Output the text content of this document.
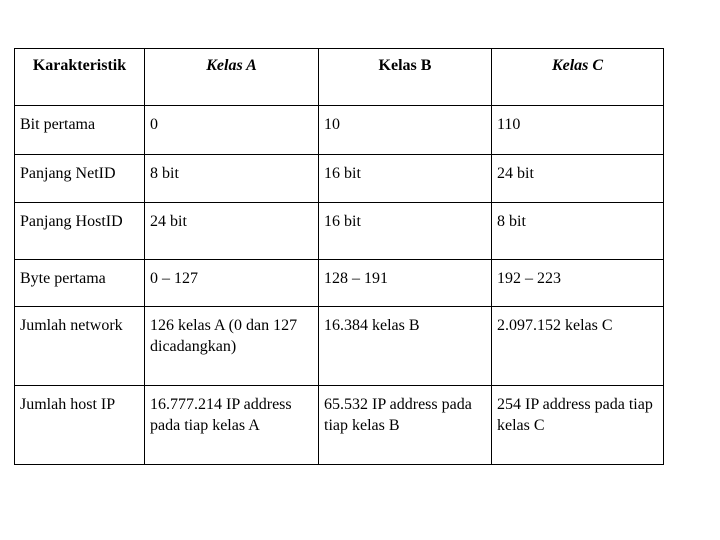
Karakteristik	Kelas A	Kelas B	Kelas C
Bit pertama	0	10	110
Panjang NetID	8 bit	16 bit	24 bit
Panjang HostID	24 bit	16 bit	8 bit
Byte pertama	0 – 127	128 – 191	192 – 223
Jumlah network	126 kelas A (0 dan 127 dicadangkan)	16.384 kelas B	2.097.152 kelas C
Jumlah host IP	16.777.214 IP address pada tiap kelas A	65.532 IP address pada tiap kelas B	254 IP address pada tiap kelas C
